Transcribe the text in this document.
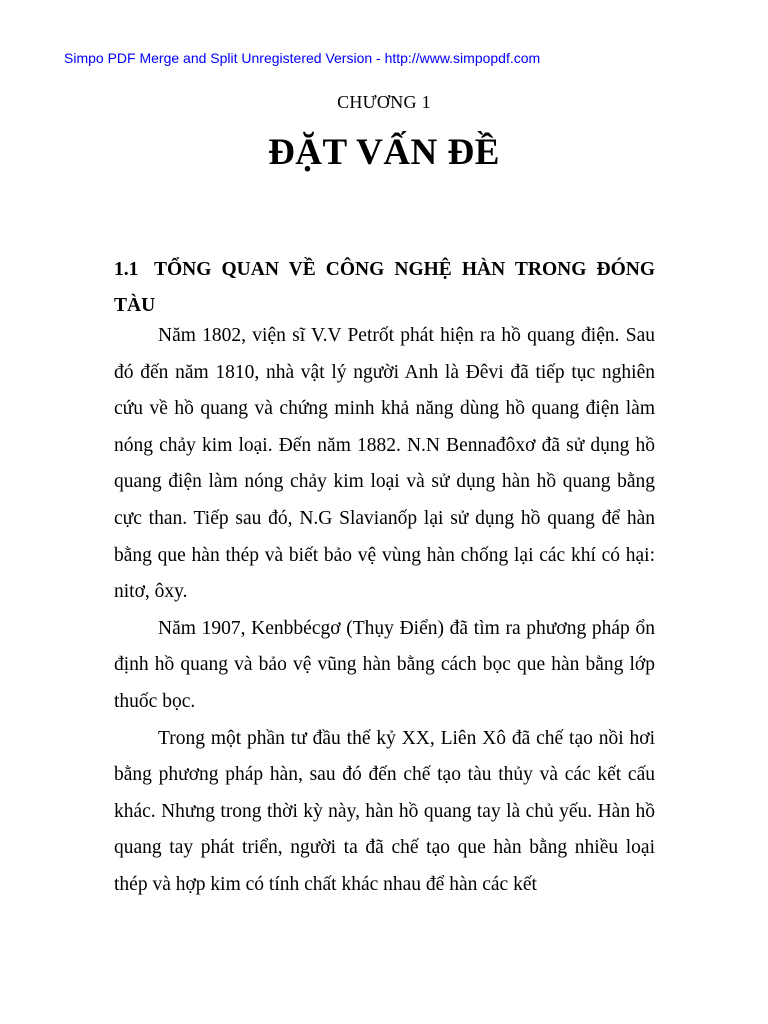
Simpo PDF Merge and Split Unregistered Version - http://www.simpopdf.com
CHƯƠNG 1
ĐẶT VẤN ĐỀ
1.1 TỔNG QUAN VỀ CÔNG NGHỆ HÀN TRONG ĐÓNG TÀU

Năm 1802, viện sĩ V.V Petrốt phát hiện ra hồ quang điện. Sau đó đến năm 1810, nhà vật lý người Anh là Đêvi đã tiếp tục nghiên cứu về hồ quang và chứng minh khả năng dùng hồ quang điện làm nóng chảy kim loại. Đến năm 1882. N.N Bennađôxơ đã sử dụng hồ quang điện làm nóng chảy kim loại và sử dụng hàn hồ quang bằng cực than. Tiếp sau đó, N.G Slavianốp lại sử dụng hồ quang để hàn bằng que hàn thép và biết bảo vệ vùng hàn chống lại các khí có hại: nitơ, ôxy.

Năm 1907, Kenbbécgơ (Thụy Điển) đã tìm ra phương pháp ổn định hồ quang và bảo vệ vũng hàn bằng cách bọc que hàn bằng lớp thuốc bọc.

Trong một phần tư đầu thế kỷ XX, Liên Xô đã chế tạo nồi hơi bằng phương pháp hàn, sau đó đến chế tạo tàu thủy và các kết cấu khác. Nhưng trong thời kỳ này, hàn hồ quang tay là chủ yếu. Hàn hồ quang tay phát triển, người ta đã chế tạo que hàn bằng nhiều loại thép và hợp kim có tính chất khác nhau để hàn các kết
